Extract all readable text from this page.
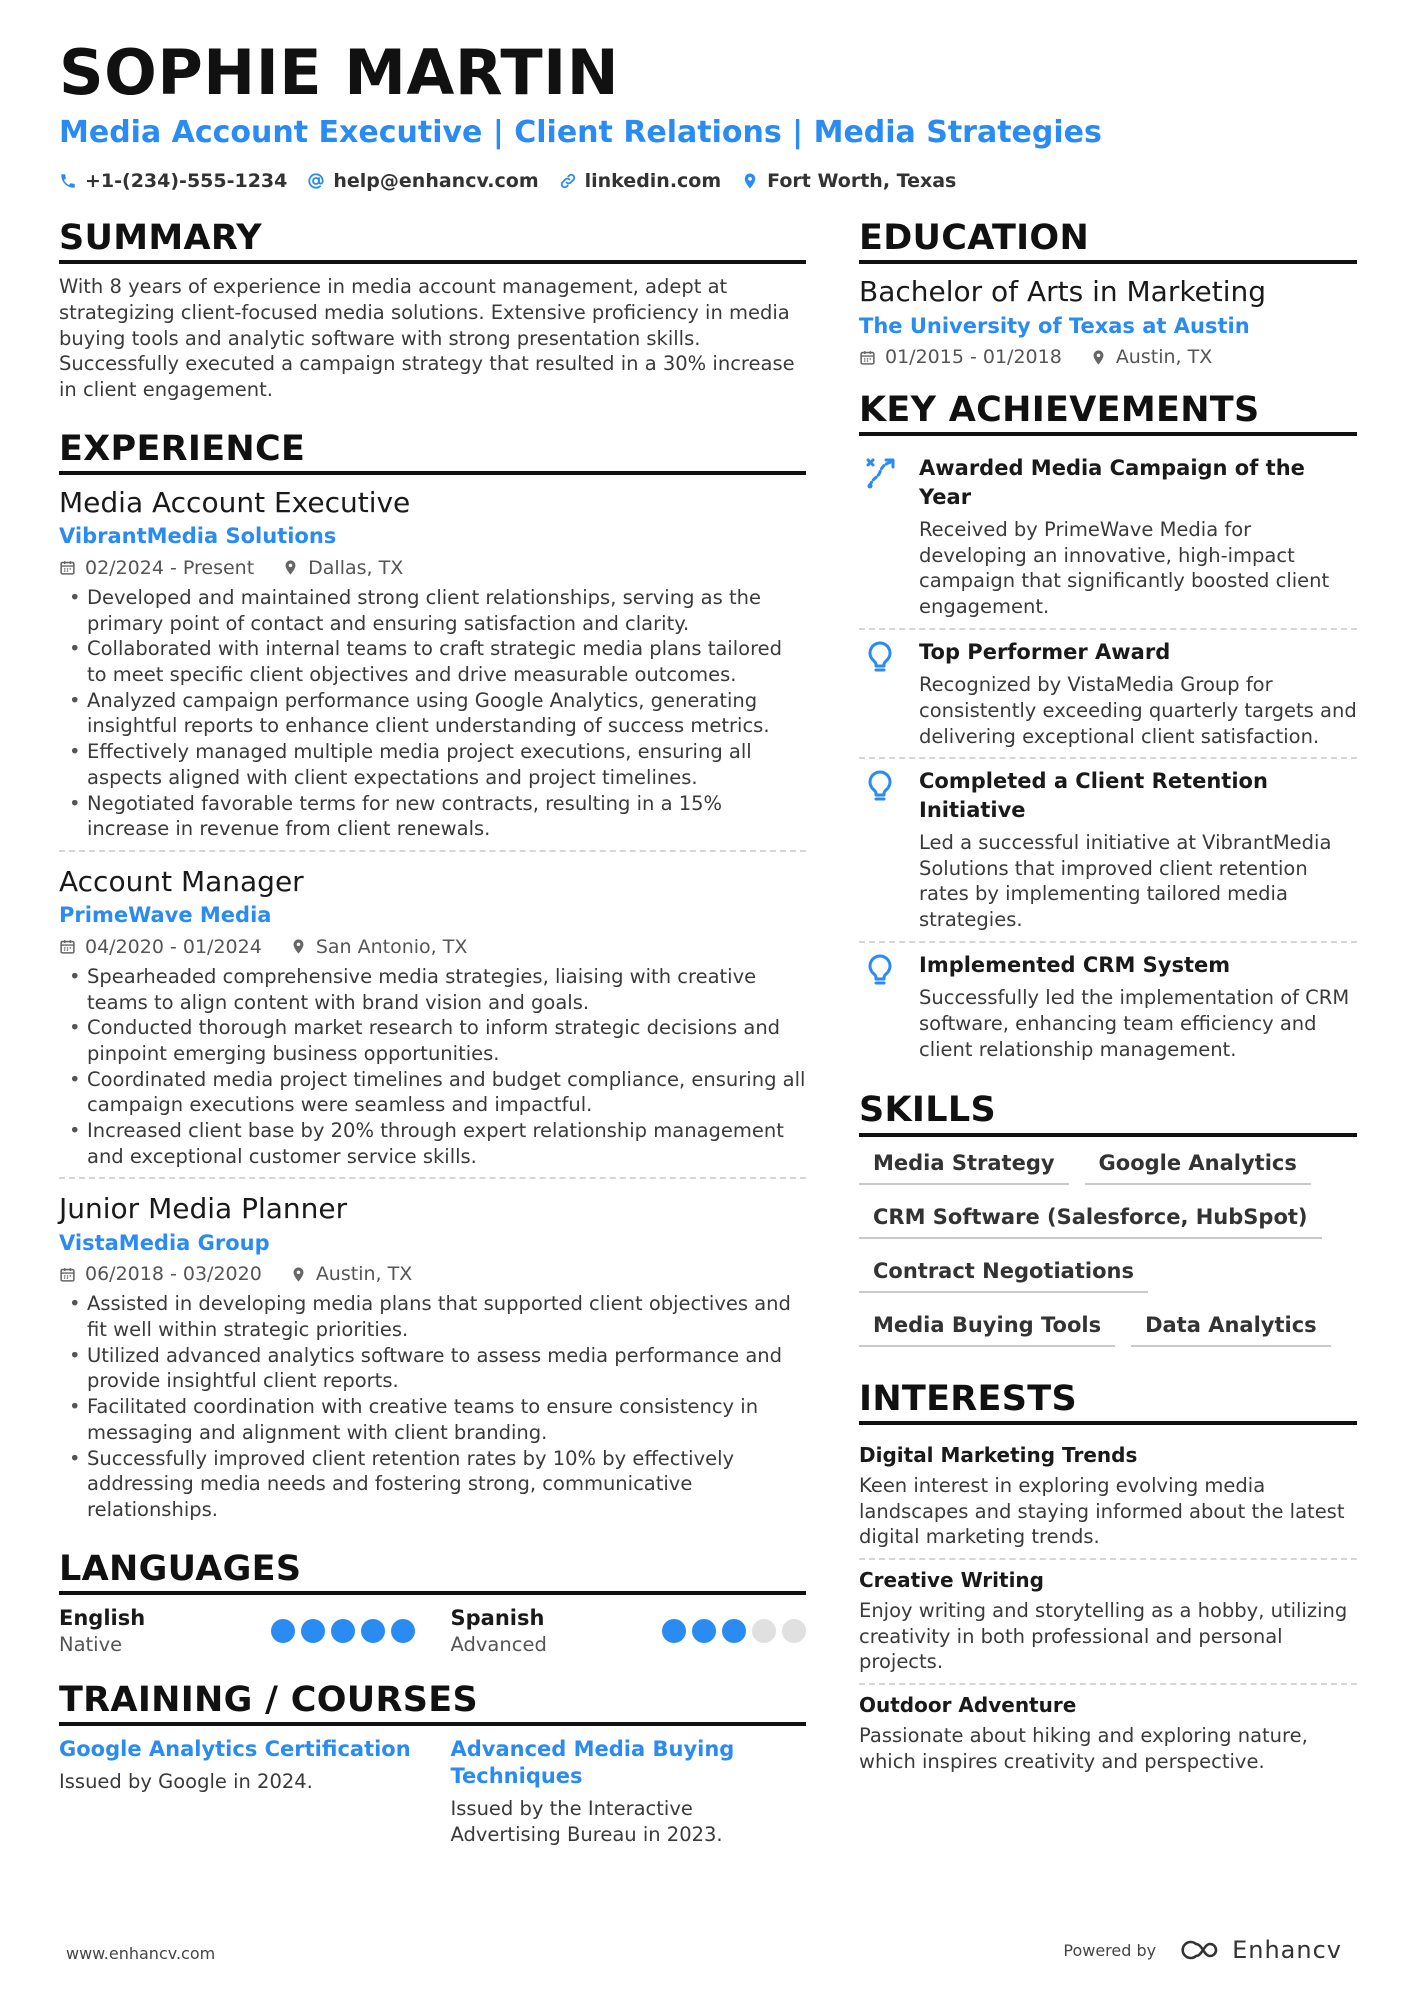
SOPHIE MARTIN
Media Account Executive | Client Relations | Media Strategies
+1-(234)-555-1234 help@enhancv.com linkedin.com Fort Worth, Texas
SUMMARY

With 8 years of experience in media account management, adept at strategizing client-focused media solutions. Extensive proficiency in media buying tools and analytic software with strong presentation skills. Successfully executed a campaign strategy that resulted in a 30% increase in client engagement.

EXPERIENCE
Media Account Executive
VibrantMedia Solutions
02/2024 - Present	Dallas, TX
• Developed and maintained strong client relationships, serving as the primary point of contact and ensuring satisfaction and clarity.
• Collaborated with internal teams to craft strategic media plans tailored to meet specific client objectives and drive measurable outcomes.
• Analyzed campaign performance using Google Analytics, generating insightful reports to enhance client understanding of success metrics.
• Effectively managed multiple media project executions, ensuring all aspects aligned with client expectations and project timelines.
• Negotiated favorable terms for new contracts, resulting in a 15% increase in revenue from client renewals.
Account Manager
PrimeWave Media
04/2020 - 01/2024	San Antonio, TX
• Spearheaded comprehensive media strategies, liaising with creative teams to align content with brand vision and goals.
• Conducted thorough market research to inform strategic decisions and pinpoint emerging business opportunities.
• Coordinated media project timelines and budget compliance, ensuring all campaign executions were seamless and impactful.
• Increased client base by 20% through expert relationship management and exceptional customer service skills.
Junior Media Planner
VistaMedia Group
06/2018 - 03/2020	Austin, TX
• Assisted in developing media plans that supported client objectives and fit well within strategic priorities.
• Utilized advanced analytics software to assess media performance and provide insightful client reports.
• Facilitated coordination with creative teams to ensure consistency in messaging and alignment with client branding.
• Successfully improved client retention rates by 10% by effectively addressing media needs and fostering strong, communicative relationships.
LANGUAGES
English
Native
Spanish
Advanced
TRAINING / COURSES
Google Analytics Certification
Issued by Google in 2024.
Advanced Media Buying Techniques
Issued by the Interactive Advertising Bureau in 2023.
EDUCATION
Bachelor of Arts in Marketing
The University of Texas at Austin
01/2015 - 01/2018	Austin, TX
KEY ACHIEVEMENTS
Awarded Media Campaign of the Year
Received by PrimeWave Media for developing an innovative, high-impact campaign that significantly boosted client engagement.
Top Performer Award
Recognized by VistaMedia Group for consistently exceeding quarterly targets and delivering exceptional client satisfaction.
Completed a Client Retention Initiative
Led a successful initiative at VibrantMedia Solutions that improved client retention rates by implementing tailored media strategies.
Implemented CRM System
Successfully led the implementation of CRM software, enhancing team efficiency and client relationship management.
SKILLS
Media Strategy	Google Analytics
CRM Software (Salesforce, HubSpot)
Contract Negotiations
Media Buying Tools	Data Analytics
INTERESTS
Digital Marketing Trends
Keen interest in exploring evolving media landscapes and staying informed about the latest digital marketing trends.
Creative Writing
Enjoy writing and storytelling as a hobby, utilizing creativity in both professional and personal projects.
Outdoor Adventure
Passionate about hiking and exploring nature, which inspires creativity and perspective.
www.enhancv.com	Powered by	Enhancv
